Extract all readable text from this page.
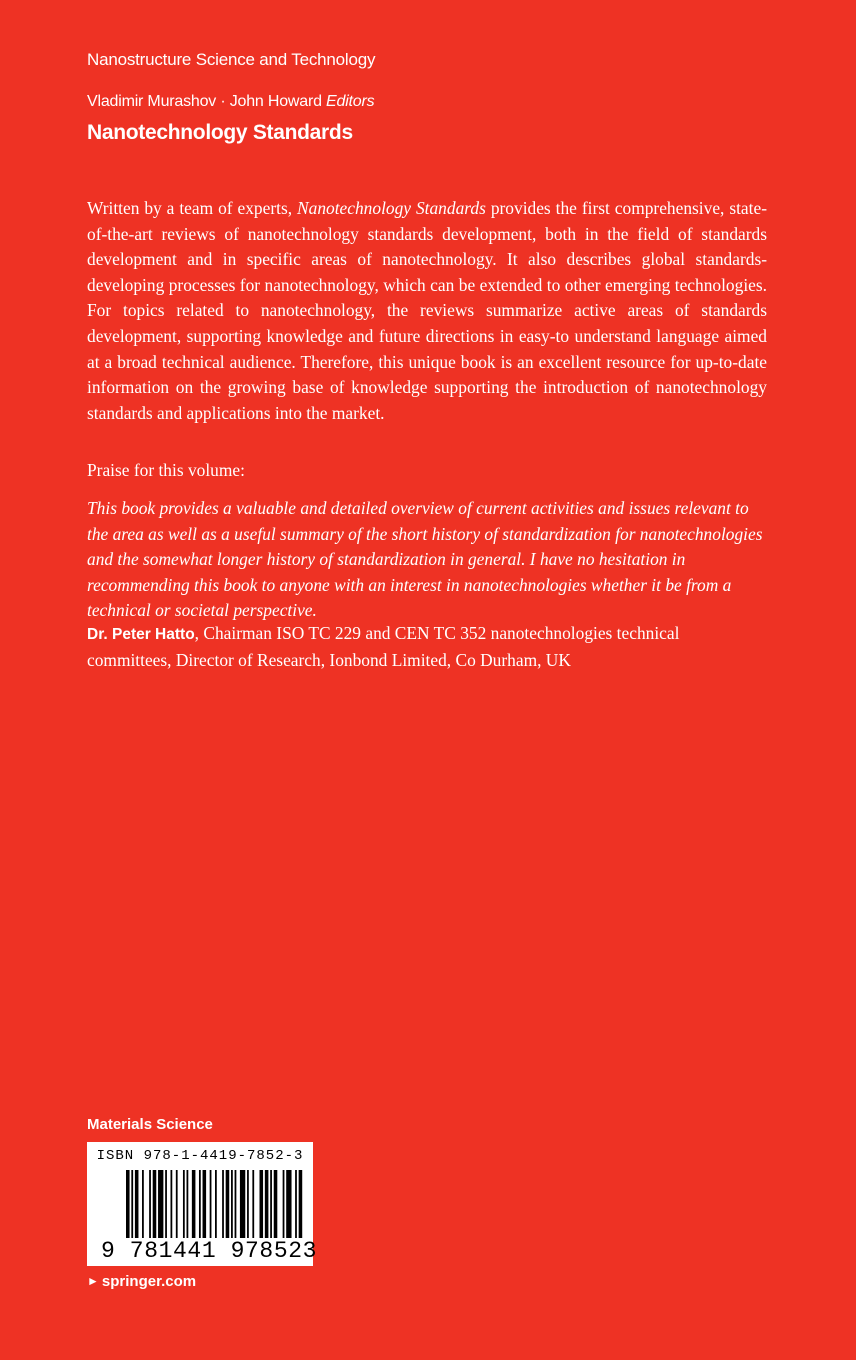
Nanostructure Science and Technology
Vladimir Murashov · John Howard Editors
Nanotechnology Standards

Written by a team of experts, Nanotechnology Standards provides the first comprehensive, state-of-the-art reviews of nanotechnology standards development, both in the field of standards development and in specific areas of nanotechnology. It also describes global standards-developing processes for nanotechnology, which can be extended to other emerging technologies. For topics related to nanotechnology, the reviews summarize active areas of standards development, supporting knowledge and future directions in easy-to understand language aimed at a broad technical audience. Therefore, this unique book is an excellent resource for up-to-date information on the growing base of knowledge supporting the introduction of nanotechnology standards and applications into the market.

Praise for this volume:

This book provides a valuable and detailed overview of current activities and issues relevant to the area as well as a useful summary of the short history of standardization for nanotechnologies and the somewhat longer history of standardization in general. I have no hesitation in recommending this book to anyone with an interest in nanotechnologies whether it be from a technical or societal perspective.

Dr. Peter Hatto, Chairman ISO TC 229 and CEN TC 352 nanotechnologies technical committees, Director of Research, Ionbond Limited, Co Durham, UK

Materials Science
ISBN 978-1-4419-7852-3
9 781441 978523
► springer.com
